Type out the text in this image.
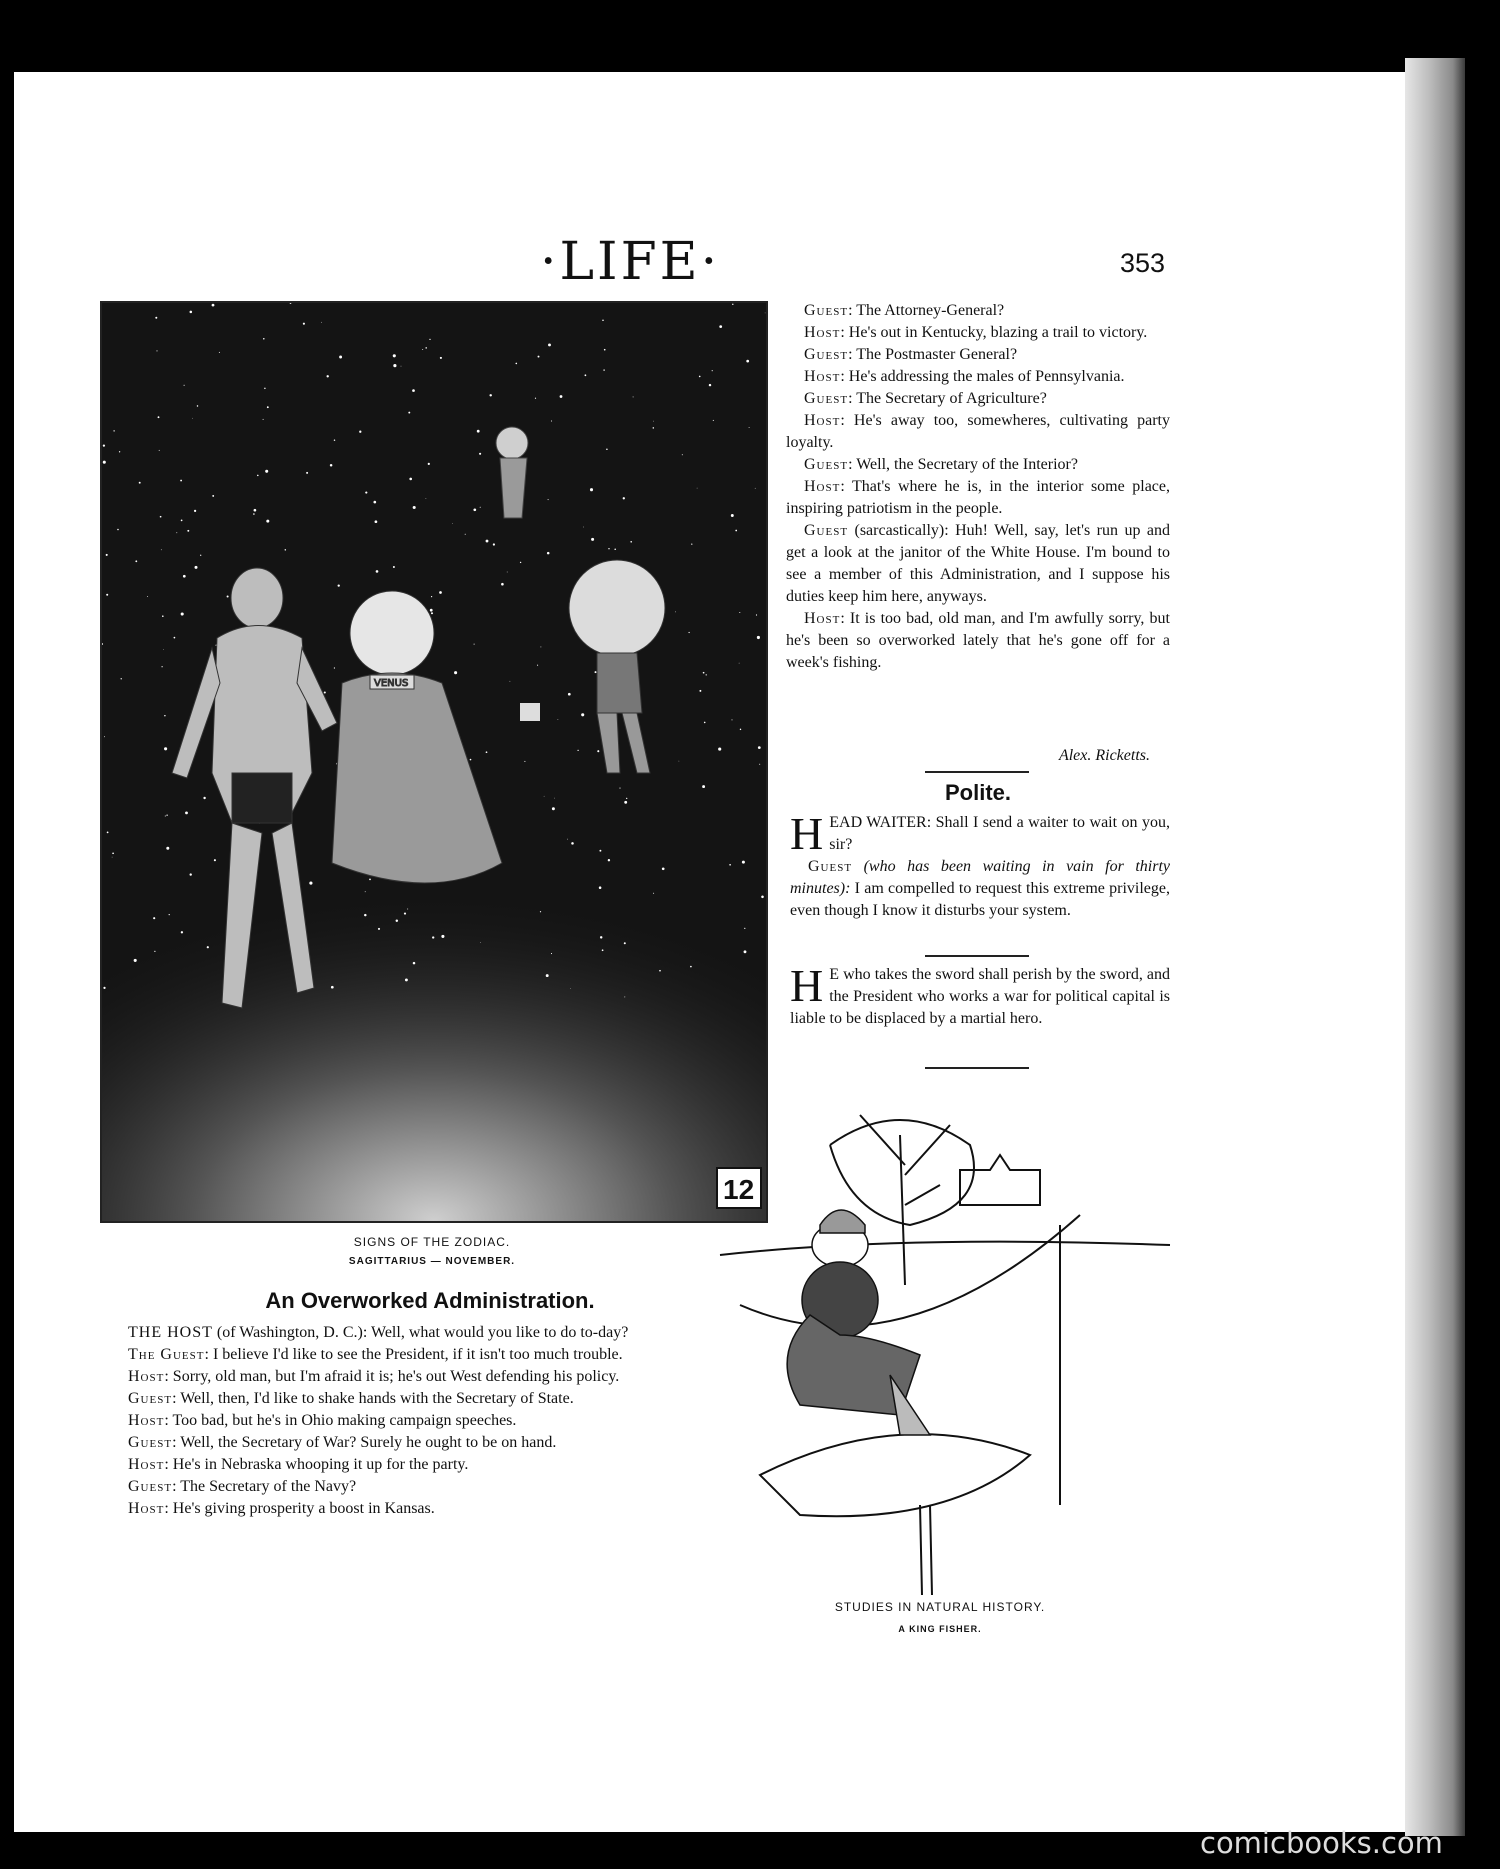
·LIFE·	353
VENUS
12
SIGNS OF THE ZODIAC.
SAGITTARIUS — NOVEMBER.
An Overworked Administration.

THE HOST (of Washington, D. C.): Well, what would you like to do to-day?

The Guest: I believe I'd like to see the President, if it isn't too much trouble.

Host: Sorry, old man, but I'm afraid it is; he's out West defending his policy.

Guest: Well, then, I'd like to shake hands with the Secretary of State.

Host: Too bad, but he's in Ohio making campaign speeches.

Guest: Well, the Secretary of War? Surely he ought to be on hand.

Host: He's in Nebraska whooping it up for the party.

Guest: The Secretary of the Navy?

Host: He's giving prosperity a boost in Kansas.

Guest: The Attorney-General?

Host: He's out in Kentucky, blazing a trail to victory.

Guest: The Postmaster General?

Host: He's addressing the males of Pennsylvania.

Guest: The Secretary of Agriculture?

Host: He's away too, somewheres, cultivating party loyalty.

Guest: Well, the Secretary of the Interior?

Host: That's where he is, in the interior some place, inspiring patriotism in the people.

Guest (sarcastically): Huh! Well, say, let's run up and get a look at the janitor of the White House. I'm bound to see a member of this Administration, and I suppose his duties keep him here, anyways.

Host: It is too bad, old man, and I'm awfully sorry, but he's been so overworked lately that he's gone off for a week's fishing.

Alex. Ricketts.
Polite.

HEAD WAITER: Shall I send a waiter to wait on you, sir?

Guest (who has been waiting in vain for thirty minutes): I am compelled to request this extreme privilege, even though I know it disturbs your system.

H E who takes the sword shall perish by the sword, and the President who works a war for political capital is liable to be displaced by a martial hero.

STUDIES IN NATURAL HISTORY.
A KING FISHER.
comicbooks.com
